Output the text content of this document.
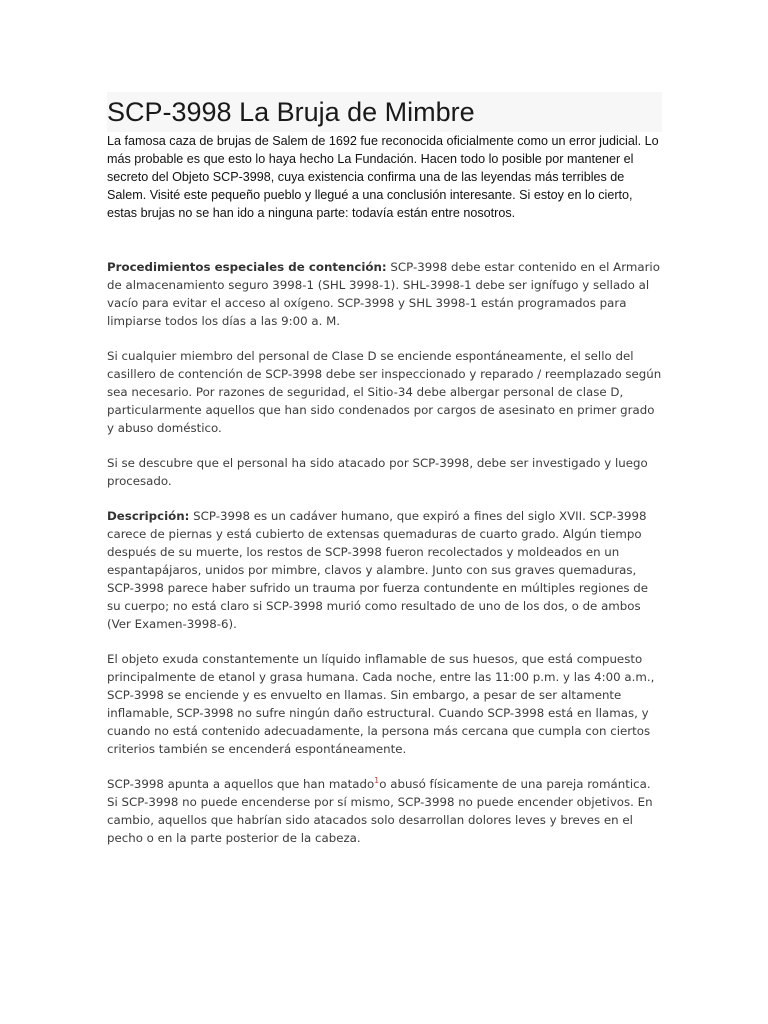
SCP-3998 La Bruja de Mimbre

La famosa caza de brujas de Salem de 1692 fue reconocida oficialmente como un error judicial. Lo más probable es que esto lo haya hecho La Fundación. Hacen todo lo posible por mantener el secreto del Objeto SCP-3998, cuya existencia confirma una de las leyendas más terribles de Salem. Visité este pequeño pueblo y llegué a una conclusión interesante. Si estoy en lo cierto, estas brujas no se han ido a ninguna parte: todavía están entre nosotros.

Procedimientos especiales de contención: SCP-3998 debe estar contenido en el Armario de almacenamiento seguro 3998-1 (SHL 3998-1). SHL-3998-1 debe ser ignífugo y sellado al vacío para evitar el acceso al oxígeno. SCP-3998 y SHL 3998-1 están programados para limpiarse todos los días a las 9:00 a. M.

Si cualquier miembro del personal de Clase D se enciende espontáneamente, el sello del casillero de contención de SCP-3998 debe ser inspeccionado y reparado / reemplazado según sea necesario. Por razones de seguridad, el Sitio-34 debe albergar personal de clase D, particularmente aquellos que han sido condenados por cargos de asesinato en primer grado y abuso doméstico.

Si se descubre que el personal ha sido atacado por SCP-3998, debe ser investigado y luego procesado.

Descripción: SCP-3998 es un cadáver humano, que expiró a fines del siglo XVII. SCP-3998 carece de piernas y está cubierto de extensas quemaduras de cuarto grado. Algún tiempo después de su muerte, los restos de SCP-3998 fueron recolectados y moldeados en un espantapájaros, unidos por mimbre, clavos y alambre. Junto con sus graves quemaduras, SCP-3998 parece haber sufrido un trauma por fuerza contundente en múltiples regiones de su cuerpo; no está claro si SCP-3998 murió como resultado de uno de los dos, o de ambos (Ver Examen-3998-6).

El objeto exuda constantemente un líquido inflamable de sus huesos, que está compuesto principalmente de etanol y grasa humana. Cada noche, entre las 11:00 p.m. y las 4:00 a.m., SCP-3998 se enciende y es envuelto en llamas. Sin embargo, a pesar de ser altamente inflamable, SCP-3998 no sufre ningún daño estructural. Cuando SCP-3998 está en llamas, y cuando no está contenido adecuadamente, la persona más cercana que cumpla con ciertos criterios también se encenderá espontáneamente.

SCP-3998 apunta a aquellos que han matado$^1$o abusó físicamente de una pareja romántica. Si SCP-3998 no puede encenderse por sí mismo, SCP-3998 no puede encender objetivos. En cambio, aquellos que habrían sido atacados solo desarrollan dolores leves y breves en el pecho o en la parte posterior de la cabeza.
